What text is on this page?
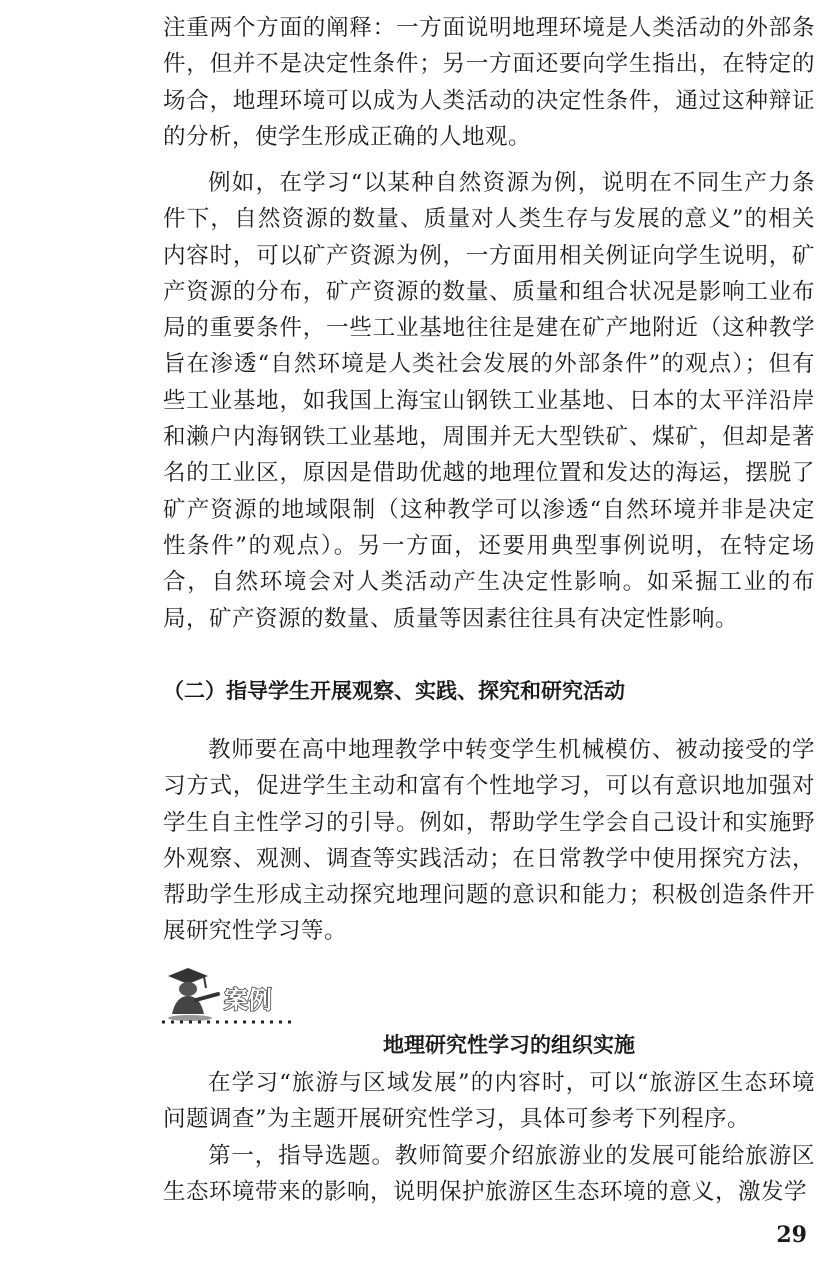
注重两个方面的阐释：一方面说明地理环境是人类活动的外部条件，但并不是决定性条件；另一方面还要向学生指出，在特定的场合，地理环境可以成为人类活动的决定性条件，通过这种辩证的分析，使学生形成正确的人地观。

例如，在学习“以某种自然资源为例，说明在不同生产力条件下，自然资源的数量、质量对人类生存与发展的意义”的相关内容时，可以矿产资源为例，一方面用相关例证向学生说明，矿产资源的分布，矿产资源的数量、质量和组合状况是影响工业布局的重要条件，一些工业基地往往是建在矿产地附近（这种教学旨在渗透“自然环境是人类社会发展的外部条件”的观点）；但有些工业基地，如我国上海宝山钢铁工业基地、日本的太平洋沿岸和濑户内海钢铁工业基地，周围并无大型铁矿、煤矿，但却是著名的工业区，原因是借助优越的地理位置和发达的海运，摆脱了矿产资源的地域限制（这种教学可以渗透“自然环境并非是决定性条件”的观点）。另一方面，还要用典型事例说明，在特定场合，自然环境会对人类活动产生决定性影响。如采掘工业的布局，矿产资源的数量、质量等因素往往具有决定性影响。

（二）指导学生开展观察、实践、探究和研究活动

教师要在高中地理教学中转变学生机械模仿、被动接受的学习方式，促进学生主动和富有个性地学习，可以有意识地加强对学生自主性学习的引导。例如，帮助学生学会自己设计和实施野外观察、观测、调查等实践活动；在日常教学中使用探究方法，帮助学生形成主动探究地理问题的意识和能力；积极创造条件开展研究性学习等。

案例
地理研究性学习的组织实施

在学习“旅游与区域发展”的内容时，可以“旅游区生态环境问题调查”为主题开展研究性学习，具体可参考下列程序。

第一，指导选题。教师简要介绍旅游业的发展可能给旅游区生态环境带来的影响，说明保护旅游区生态环境的意义，激发学

29
